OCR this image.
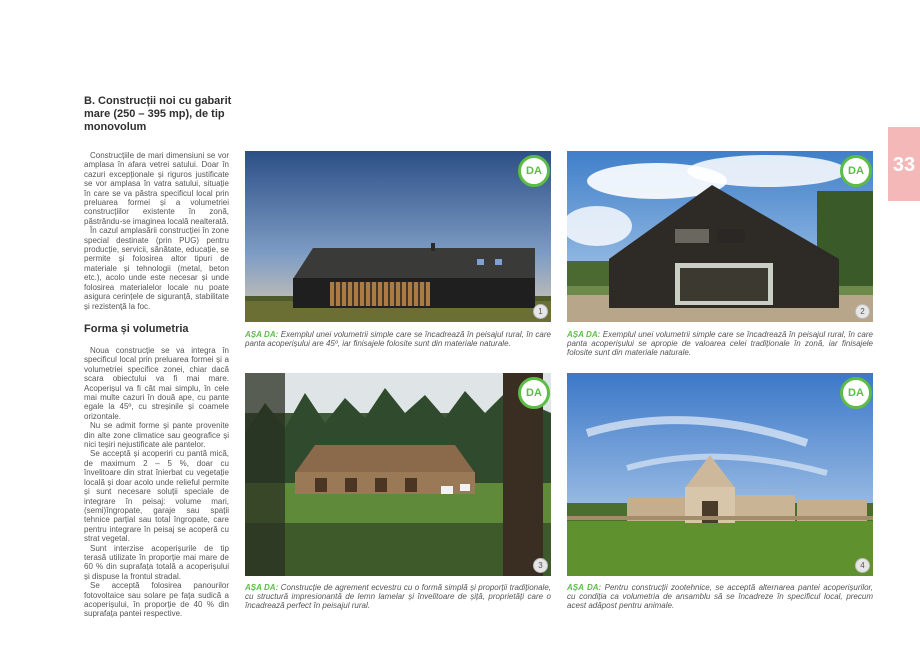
33
B. Construcții noi cu gabarit mare (250 – 395 mp), de tip monovolum

Construcțiile de mari dimensiuni se vor amplasa în afara vetrei satului. Doar în cazuri excepționale și riguros justificate se vor amplasa în vatra satului, situație în care se va păstra specificul local prin preluarea formei și a volumetriei construcțiilor existente în zonă, păstrându-se imaginea locală nealterată.

În cazul amplasării construcției în zone special destinate (prin PUG) pentru producție, servicii, sănătate, educație, se permite și folosirea altor tipuri de materiale și tehnologii (metal, beton etc.), acolo unde este necesar și unde folosirea materialelor locale nu poate asigura cerințele de siguranță, stabilitate și rezistență la foc.

Forma și volumetria

Noua construcție se va integra în specificul local prin preluarea formei și a volumetriei specifice zonei, chiar dacă scara obiectului va fi mai mare. Acoperișul va fi cât mai simplu, în cele mai multe cazuri în două ape, cu pante egale la 45º, cu streșinile și coamele orizontale.

Nu se admit forme și pante provenite din alte zone climatice sau geografice și nici teșiri nejustificate ale pantelor.

Se acceptă și acoperiri cu pantă mică, de maximum 2 – 5 %, doar cu învelitoare din strat înierbat cu vegetație locală și doar acolo unde relieful permite și sunt necesare soluții speciale de integrare în peisaj: volume mari, (semi)îngropate, garaje sau spații tehnice parțial sau total îngropate, care pentru integrare în peisaj se acoperă cu strat vegetal.

Sunt interzise acoperișurile de tip terasă utilizate în proporție mai mare de 60 % din suprafața totală a acoperișului și dispuse la frontul stradal.

Se acceptă folosirea panourilor fotovoltaice sau solare pe fața sudică a acoperișului, în proporție de 40 % din suprafața pantei respective.

DA
1
AȘA DA: Exemplul unei volumetrii simple care se încadrează în peisajul rural, în care panta acoperișului are 45º, iar finisajele folosite sunt din materiale naturale.
DA
2
AȘA DA: Exemplul unei volumetrii simple care se încadrează în peisajul rural, în care panta acoperișului se apropie de valoarea celei tradiționale în zonă, iar finisajele folosite sunt din materiale naturale.
DA
3
AȘA DA: Construcție de agrement ecvestru cu o formă simplă și proporții tradiționale, cu structură impresionantă de lemn lamelar și învelitoare de șiță, proprietăți care o încadrează perfect în peisajul rural.
DA
4
AȘA DA: Pentru construcții zootehnice, se acceptă alternarea pantei acoperișurilor, cu condiția ca volumetria de ansamblu să se încadreze în specificul local, precum acest adăpost pentru animale.
